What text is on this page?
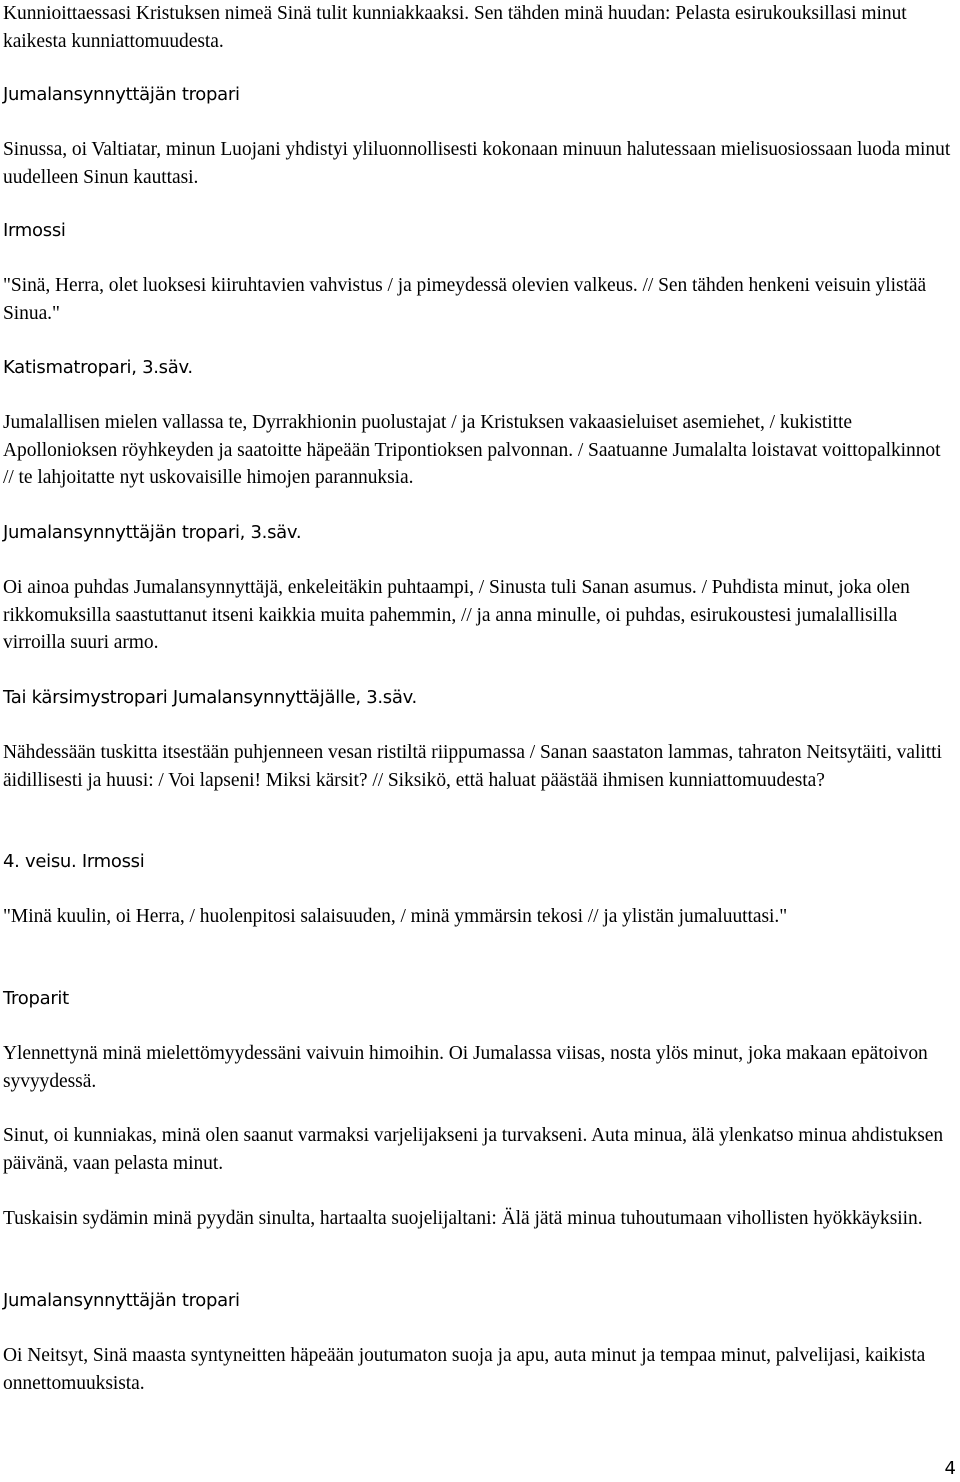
Kunnioittaessasi Kristuksen nimeä Sinä tulit kunniakkaaksi. Sen tähden minä huudan: Pelasta esirukouksillasi minut kaikesta kunniattomuudesta.

Jumalansynnyttäjän tropari

Sinussa, oi Valtiatar, minun Luojani yhdistyi yliluonnollisesti kokonaan minuun halutessaan mielisuosiossaan luoda minut uudelleen Sinun kauttasi.

Irmossi

"Sinä, Herra, olet luoksesi kiiruhtavien vahvistus / ja pimeydessä olevien valkeus. // Sen tähden henkeni veisuin ylistää Sinua."

Katismatropari, 3.säv.

Jumalallisen mielen vallassa te, Dyrrakhionin puolustajat / ja Kristuksen vakaasieluiset asemiehet, / kukistitte Apollonioksen röyhkeyden ja saatoitte häpeään Tripontioksen palvonnan. / Saatuanne Jumalalta loistavat voittopalkinnot // te lahjoitatte nyt uskovaisille himojen parannuksia.

Jumalansynnyttäjän tropari, 3.säv.

Oi ainoa puhdas Jumalansynnyttäjä, enkeleitäkin puhtaampi, / Sinusta tuli Sanan asumus. / Puhdista minut, joka olen rikkomuksilla saastuttanut itseni kaikkia muita pahemmin, // ja anna minulle, oi puhdas, esirukoustesi jumalallisilla virroilla suuri armo.

Tai kärsimystropari Jumalansynnyttäjälle, 3.säv.

Nähdessään tuskitta itsestään puhjenneen vesan ristiltä riippumassa / Sanan saastaton lammas, tahraton Neitsytäiti, valitti äidillisesti ja huusi: / Voi lapseni! Miksi kärsit? // Siksikö, että haluat päästää ihmisen kunniattomuudesta?

4. veisu. Irmossi

"Minä kuulin, oi Herra, / huolenpitosi salaisuuden, / minä ymmärsin tekosi // ja ylistän jumaluuttasi."

Troparit

Ylennettynä minä mielettömyydessäni vaivuin himoihin. Oi Jumalassa viisas, nosta ylös minut, joka makaan epätoivon syvyydessä.

Sinut, oi kunniakas, minä olen saanut varmaksi varjelijakseni ja turvakseni. Auta minua, älä ylenkatso minua ahdistuksen päivänä, vaan pelasta minut.

Tuskaisin sydämin minä pyydän sinulta, hartaalta suojelijaltani: Älä jätä minua tuhoutumaan vihollisten hyökkäyksiin.

Jumalansynnyttäjän tropari

Oi Neitsyt, Sinä maasta syntyneitten häpeään joutumaton suoja ja apu, auta minut ja tempaa minut, palvelijasi, kaikista onnettomuuksista.

4
